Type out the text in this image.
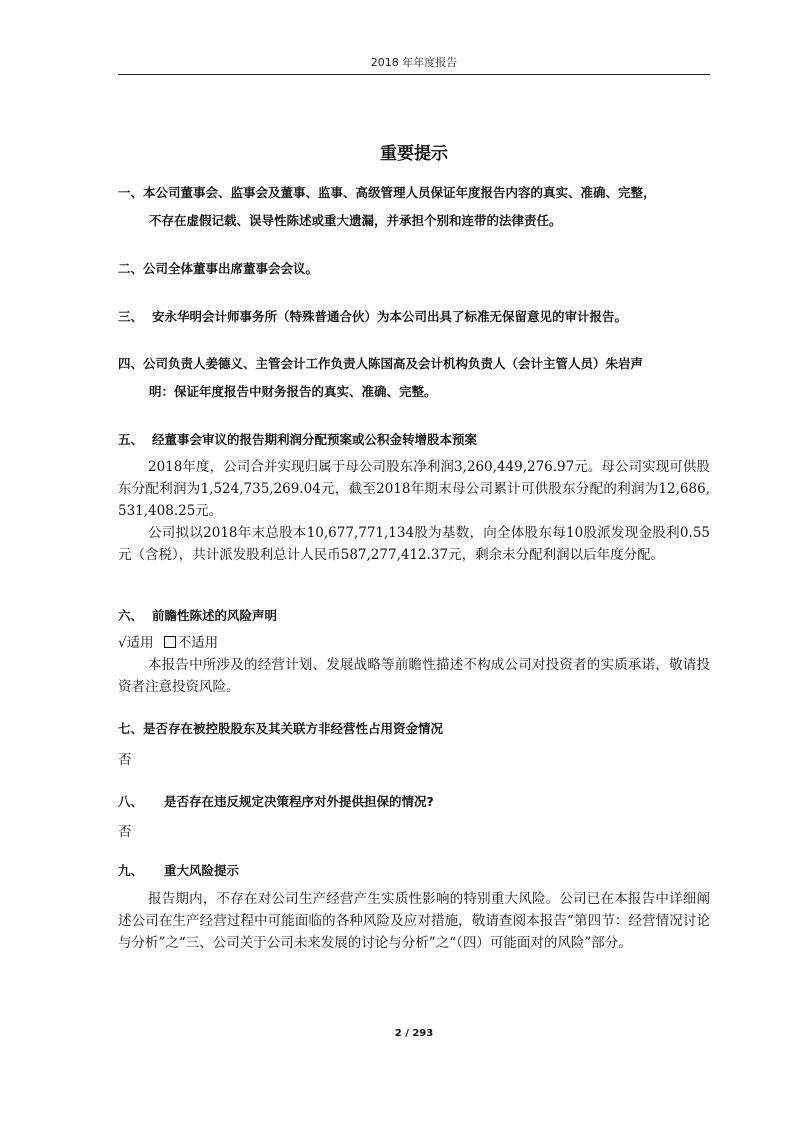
2018 年年度报告
重要提示
一、本公司董事会、监事会及董事、监事、高级管理人员保证年度报告内容的真实、准确、完整，
不存在虚假记载、误导性陈述或重大遗漏，并承担个别和连带的法律责任。
二、公司全体董事出席董事会会议。
三、 安永华明会计师事务所（特殊普通合伙）为本公司出具了标准无保留意见的审计报告。
四、公司负责人姜德义、主管会计工作负责人陈国高及会计机构负责人（会计主管人员）朱岩声
明：保证年度报告中财务报告的真实、准确、完整。
五、 经董事会审议的报告期利润分配预案或公积金转增股本预案
2018年度，公司合并实现归属于母公司股东净利润3,260,449,276.97元。母公司实现可供股东分配利润为1,524,735,269.04元，截至2018年期末母公司累计可供股东分配的利润为12,686,531,408.25元。
公司拟以2018年末总股本10,677,771,134股为基数，向全体股东每10股派发现金股利0.55元（含税），共计派发股利总计人民币587,277,412.37元，剩余未分配利润以后年度分配。
六、 前瞻性陈述的风险声明
√适用 不适用
本报告中所涉及的经营计划、发展战略等前瞻性描述不构成公司对投资者的实质承诺，敬请投资者注意投资风险。
七、是否存在被控股股东及其关联方非经营性占用资金情况
否
八、 是否存在违反规定决策程序对外提供担保的情况?
否
九、 重大风险提示
报告期内，不存在对公司生产经营产生实质性影响的特别重大风险。公司已在本报告中详细阐述公司在生产经营过程中可能面临的各种风险及应对措施，敬请查阅本报告“第四节：经营情况讨论与分析”之“三、公司关于公司未来发展的讨论与分析”之“（四）可能面对的风险”部分。
2 / 293
